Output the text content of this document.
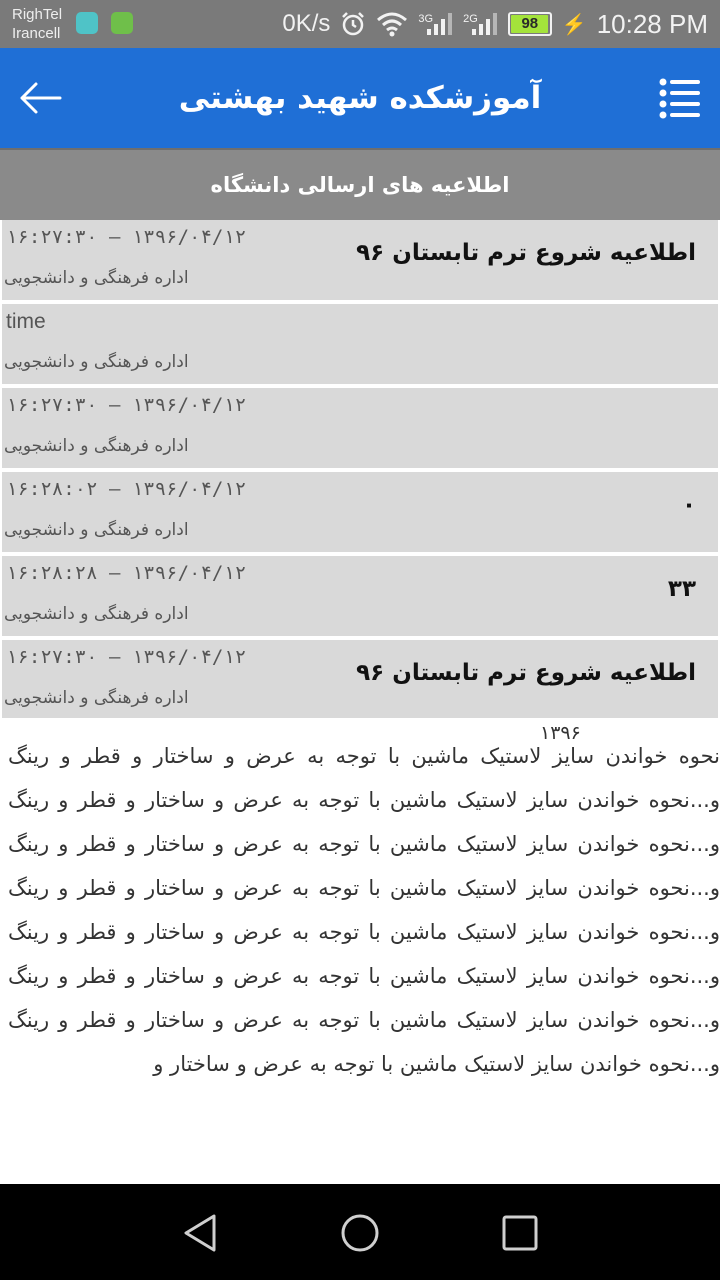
RighTel
Irancell	0K/s	3G	2G	98	⚡ 10:28 PM
آموزشکده شهید بهشتی
اطلاعیه های ارسالی دانشگاه
اطلاعیه شروع ترم تابستان ۹۶
۱۶:۲۷:۳۰ – ۱۳۹۶/۰۴/۱۲
اداره فرهنگی و دانشجویی
time
اداره فرهنگی و دانشجویی
۱۶:۲۷:۳۰ – ۱۳۹۶/۰۴/۱۲
اداره فرهنگی و دانشجویی
۰
۱۶:۲۸:۰۲ – ۱۳۹۶/۰۴/۱۲
اداره فرهنگی و دانشجویی
۳۳
۱۶:۲۸:۲۸ – ۱۳۹۶/۰۴/۱۲
اداره فرهنگی و دانشجویی
اطلاعیه شروع ترم تابستان ۹۶
۱۶:۲۷:۳۰ – ۱۳۹۶/۰۴/۱۲
اداره فرهنگی و دانشجویی
۱۳۹۶
نحوه خواندن سایز لاستیک ماشین با توجه به عرض و ساختار و قطر و رینگ و...نحوه خواندن سایز لاستیک ماشین با توجه به عرض و ساختار و قطر و رینگ و...نحوه خواندن سایز لاستیک ماشین با توجه به عرض و ساختار و قطر و رینگ و...نحوه خواندن سایز لاستیک ماشین با توجه به عرض و ساختار و قطر و رینگ و...نحوه خواندن سایز لاستیک ماشین با توجه به عرض و ساختار و قطر و رینگ و...نحوه خواندن سایز لاستیک ماشین با توجه به عرض و ساختار و قطر و رینگ و...نحوه خواندن سایز لاستیک ماشین با توجه به عرض و ساختار و قطر و رینگ و...نحوه خواندن سایز لاستیک ماشین با توجه به عرض و ساختار و
